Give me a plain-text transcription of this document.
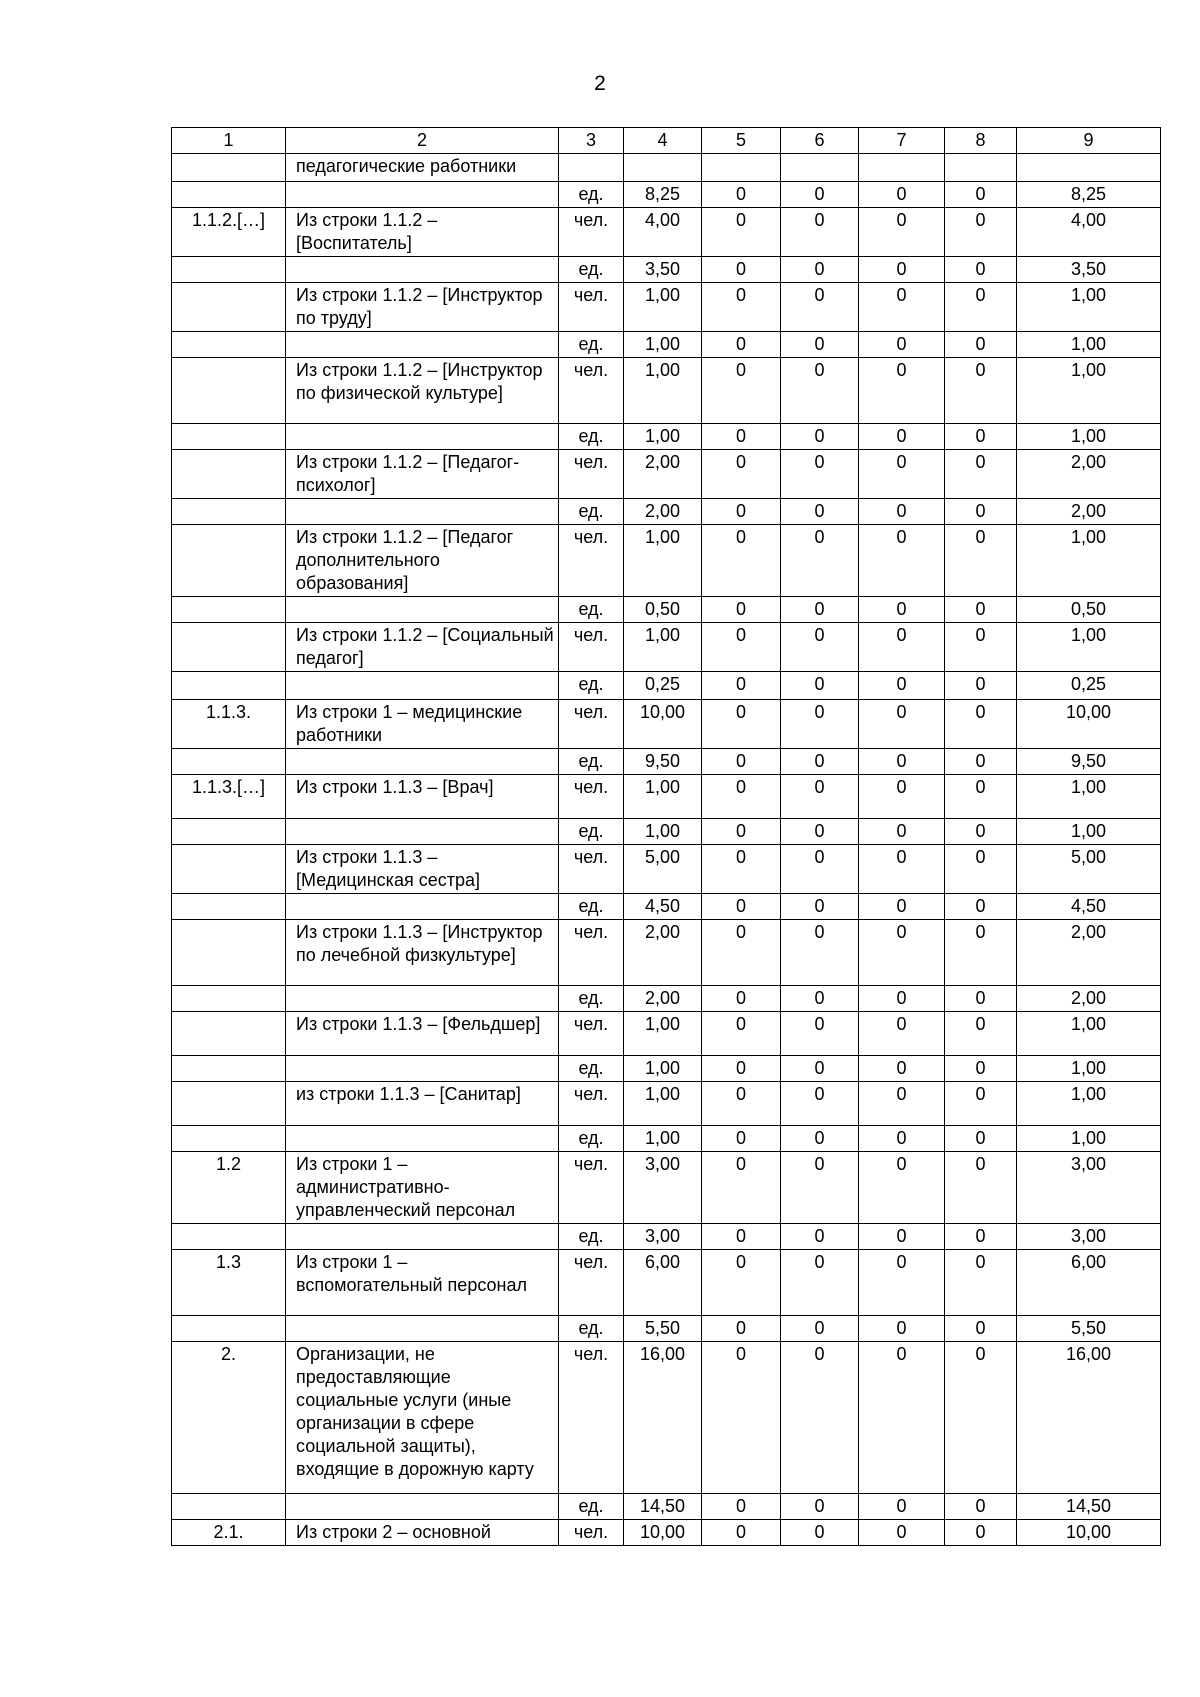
2
1	2	3	4	5	6	7	8	9
	педагогические работники							
		ед.	8,25	0	0	0	0	8,25
1.1.2.[…]	Из строки 1.1.2 – [Воспитатель]	чел.	4,00	0	0	0	0	4,00
		ед.	3,50	0	0	0	0	3,50
	Из строки 1.1.2 – [Инструктор по труду]	чел.	1,00	0	0	0	0	1,00
		ед.	1,00	0	0	0	0	1,00
	Из строки 1.1.2 – [Инструктор по физической культуре]	чел.	1,00	0	0	0	0	1,00
		ед.	1,00	0	0	0	0	1,00
	Из строки 1.1.2 – [Педагог-психолог]	чел.	2,00	0	0	0	0	2,00
		ед.	2,00	0	0	0	0	2,00
	Из строки 1.1.2 – [Педагог дополнительного образования]	чел.	1,00	0	0	0	0	1,00
		ед.	0,50	0	0	0	0	0,50
	Из строки 1.1.2 – [Социальный педагог]	чел.	1,00	0	0	0	0	1,00
		ед.	0,25	0	0	0	0	0,25
1.1.3.	Из строки 1 – медицинские работники	чел.	10,00	0	0	0	0	10,00
		ед.	9,50	0	0	0	0	9,50
1.1.3.[…]	Из строки 1.1.3 – [Врач]	чел.	1,00	0	0	0	0	1,00
		ед.	1,00	0	0	0	0	1,00
	Из строки 1.1.3 – [Медицинская сестра]	чел.	5,00	0	0	0	0	5,00
		ед.	4,50	0	0	0	0	4,50
	Из строки 1.1.3 – [Инструктор по лечебной физкультуре]	чел.	2,00	0	0	0	0	2,00
		ед.	2,00	0	0	0	0	2,00
	Из строки 1.1.3 – [Фельдшер]	чел.	1,00	0	0	0	0	1,00
		ед.	1,00	0	0	0	0	1,00
	из строки 1.1.3 – [Санитар]	чел.	1,00	0	0	0	0	1,00
		ед.	1,00	0	0	0	0	1,00
1.2	Из строки 1 – административно-управленческий персонал	чел.	3,00	0	0	0	0	3,00
		ед.	3,00	0	0	0	0	3,00
1.3	Из строки 1 – вспомогательный персонал	чел.	6,00	0	0	0	0	6,00
		ед.	5,50	0	0	0	0	5,50
2.	Организации, не предоставляющие социальные услуги (иные организации в сфере социальной защиты), входящие в дорожную карту	чел.	16,00	0	0	0	0	16,00
		ед.	14,50	0	0	0	0	14,50
2.1.	Из строки 2 – основной	чел.	10,00	0	0	0	0	10,00
